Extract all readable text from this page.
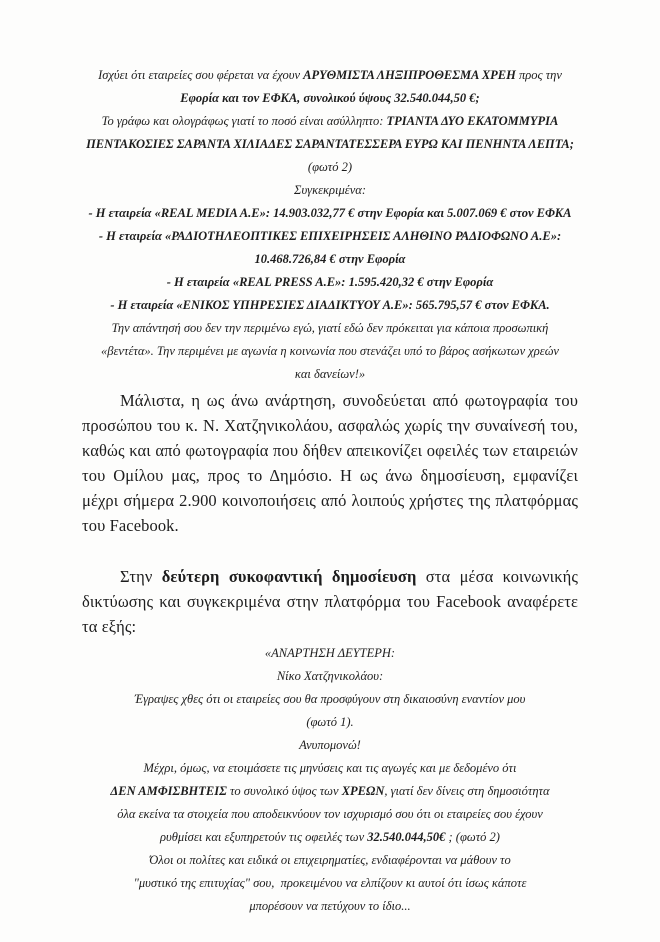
Ισχύει ότι εταιρείες σου φέρεται να έχουν ΑΡΥΘΜΙΣΤΑ ΛΗΞΙΠΡΟΘΕΣΜΑ ΧΡΕΗ προς την
Εφορία και τον ΕΦΚΑ, συνολικού ύψους 32.540.044,50 €;
Το γράφω και ολογράφως γιατί το ποσό είναι ασύλληπτο: ΤΡΙΑΝΤΑ ΔΥΟ ΕΚΑΤΟΜΜΥΡΙΑ
ΠΕΝΤΑΚΟΣΙΕΣ ΣΑΡΑΝΤΑ ΧΙΛΙΑΔΕΣ ΣΑΡΑΝΤΑΤΕΣΣΕΡΑ ΕΥΡΩ ΚΑΙ ΠΕΝΗΝΤΑ ΛΕΠΤΑ;
(φωτό 2)
Συγκεκριμένα:
- Η εταιρεία «REAL MEDIA A.E»: 14.903.032,77 € στην Εφορία και 5.007.069 € στον ΕΦΚΑ
- Η εταιρεία «ΡΑΔΙΟΤΗΛΕΟΠΤΙΚΕΣ ΕΠΙΧΕΙΡΗΣΕΙΣ ΑΛΗΘΙΝΟ ΡΑΔΙΟΦΩΝΟ Α.Ε»:
10.468.726,84 € στην Εφορία
- Η εταιρεία «REAL PRESS A.E»: 1.595.420,32 € στην Εφορία
- Η εταιρεία «ΕΝΙΚΟΣ ΥΠΗΡΕΣΙΕΣ ΔΙΑΔΙΚΤΥΟΥ Α.Ε»: 565.795,57 € στον ΕΦΚΑ.
Την απάντησή σου δεν την περιμένω εγώ, γιατί εδώ δεν πρόκειται για κάποια προσωπική
«βεντέτα». Την περιμένει με αγωνία η κοινωνία που στενάζει υπό το βάρος ασήκωτων χρεών
και δανείων!»

Μάλιστα, η ως άνω ανάρτηση, συνοδεύεται από φωτογραφία του προσώπου του κ. Ν. Χατζηνικολάου, ασφαλώς χωρίς την συναίνεσή του, καθώς και από φωτογραφία που δήθεν απεικονίζει οφειλές των εταιρειών του Ομίλου μας, προς το Δημόσιο. Η ως άνω δημοσίευση, εμφανίζει μέχρι σήμερα 2.900 κοινοποιήσεις από λοιπούς χρήστες της πλατφόρμας του Facebook.

Στην δεύτερη συκοφαντική δημοσίευση στα μέσα κοινωνικής δικτύωσης και συγκεκριμένα στην πλατφόρμα του Facebook αναφέρετε τα εξής:

«ΑΝΑΡΤΗΣΗ ΔΕΥΤΕΡΗ:
Νίκο Χατζηνικολάου:
Έγραψες χθες ότι οι εταιρείες σου θα προσφύγουν στη δικαιοσύνη εναντίον μου
(φωτό 1).
Ανυπομονώ!
Μέχρι, όμως, να ετοιμάσετε τις μηνύσεις και τις αγωγές και με δεδομένο ότι
ΔΕΝ ΑΜΦΙΣΒΗΤΕΙΣ το συνολικό ύψος των ΧΡΕΩΝ , γιατί δεν δίνεις στη δημοσιότητα
όλα εκείνα τα στοιχεία που αποδεικνύουν τον ισχυρισμό σου ότι οι εταιρείες σου έχουν
ρυθμίσει και εξυπηρετούν τις οφειλές των 32.540.044,50€ ; (φωτό 2)
Όλοι οι πολίτες και ειδικά οι επιχειρηματίες, ενδιαφέρονται να μάθουν το
"μυστικό της επιτυχίας" σου,  προκειμένου να ελπίζουν κι αυτοί ότι ίσως κάποτε
μπορέσουν να πετύχουν το ίδιο...
